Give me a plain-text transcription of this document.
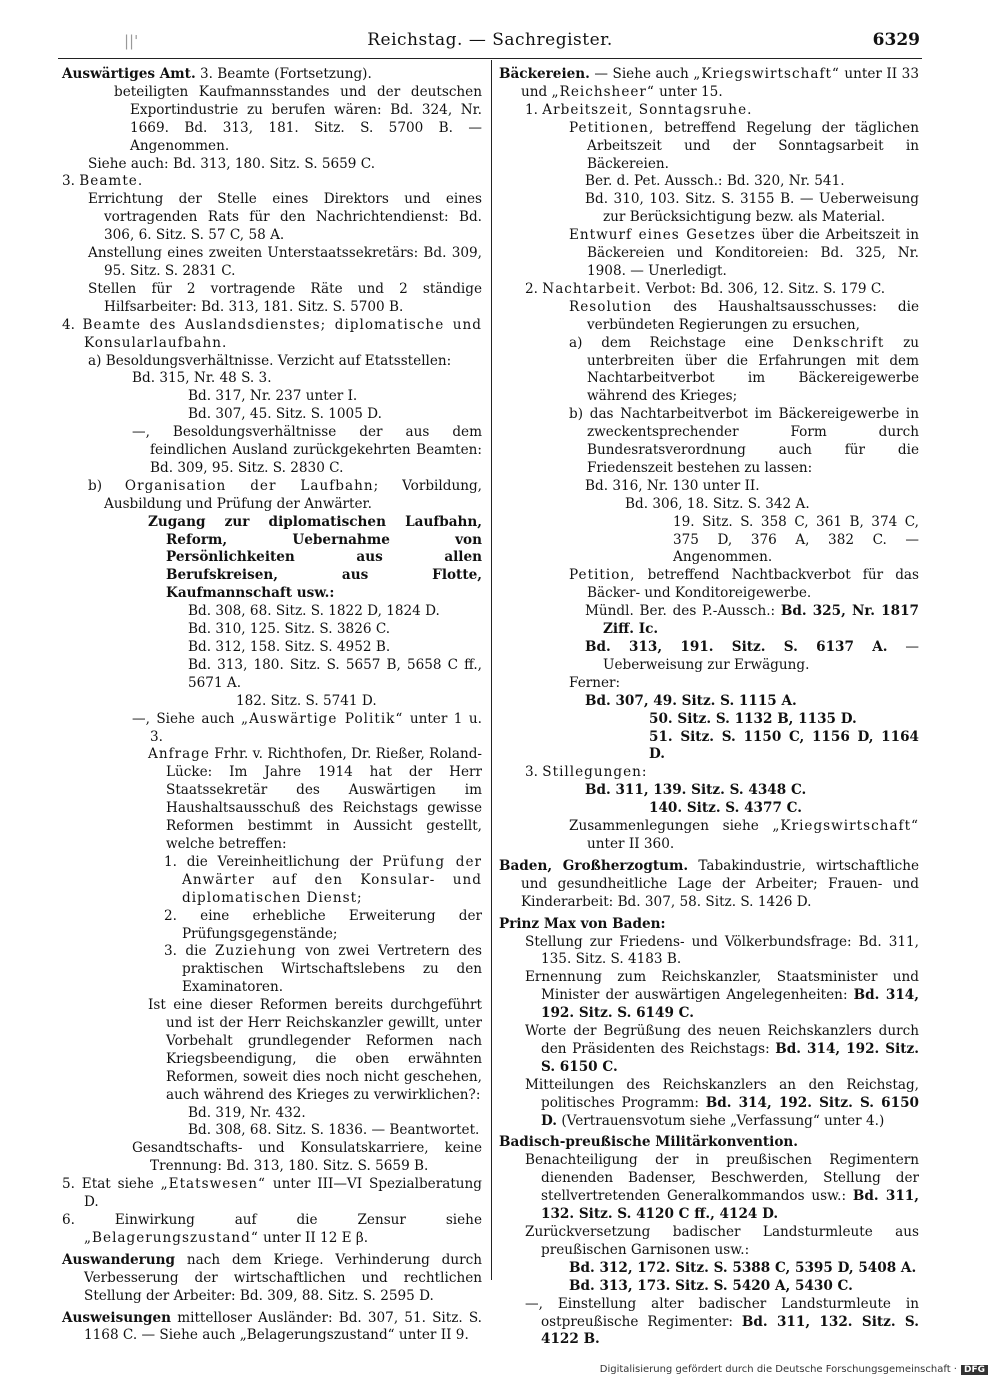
||'	Reichstag. — Sachregister.	6329

Auswärtiges Amt. 3. Beamte (Fortsetzung).

beteiligten Kaufmannsstandes und der deutschen Exportindustrie zu berufen wären: Bd. 324, Nr. 1669. Bd. 313, 181. Sitz. S. 5700 B. — Angenommen.

Siehe auch: Bd. 313, 180. Sitz. S. 5659 C.

3. Beamte.

Errichtung der Stelle eines Direktors und eines vortragenden Rats für den Nachrichtendienst: Bd. 306, 6. Sitz. S. 57 C, 58 A.

Anstellung eines zweiten Unterstaatssekretärs: Bd. 309, 95. Sitz. S. 2831 C.

Stellen für 2 vortragende Räte und 2 ständige Hilfsarbeiter: Bd. 313, 181. Sitz. S. 5700 B.

4. Beamte des Auslandsdienstes; diplomatische und Konsularlaufbahn.

a) Besoldungsverhältnisse. Verzicht auf Etatsstellen:

Bd. 315, Nr. 48 S. 3.

Bd. 317, Nr. 237 unter I.

Bd. 307, 45. Sitz. S. 1005 D.

—, Besoldungsverhältnisse der aus dem feindlichen Ausland zurückgekehrten Beamten: Bd. 309, 95. Sitz. S. 2830 C.

b) Organisation der Laufbahn; Vorbildung, Ausbildung und Prüfung der Anwärter.

Zugang zur diplomatischen Laufbahn, Reform, Uebernahme von Persönlichkeiten aus allen Berufskreisen, aus Flotte, Kaufmannschaft usw.:

Bd. 308, 68. Sitz. S. 1822 D, 1824 D.

Bd. 310, 125. Sitz. S. 3826 C.

Bd. 312, 158. Sitz. S. 4952 B.

Bd. 313, 180. Sitz. S. 5657 B, 5658 C ff., 5671 A.

182. Sitz. S. 5741 D.

—, Siehe auch „Auswärtige Politik“ unter 1 u. 3.

Anfrage Frhr. v. Richthofen, Dr. Rießer, Roland-Lücke: Im Jahre 1914 hat der Herr Staatssekretär des Auswärtigen im Haushaltsausschuß des Reichstags gewisse Reformen bestimmt in Aussicht gestellt, welche betreffen:

1. die Vereinheitlichung der Prüfung der Anwärter auf den Konsular- und diplomatischen Dienst;

2. eine erhebliche Erweiterung der Prüfungsgegenstände;

3. die Zuziehung von zwei Vertretern des praktischen Wirtschaftslebens zu den Examinatoren.

Ist eine dieser Reformen bereits durchgeführt und ist der Herr Reichskanzler gewillt, unter Vorbehalt grundlegender Reformen nach Kriegsbeendigung, die oben erwähnten Reformen, soweit dies noch nicht geschehen, auch während des Krieges zu verwirklichen?:

Bd. 319, Nr. 432.

Bd. 308, 68. Sitz. S. 1836. — Beantwortet.

Gesandtschafts- und Konsulatskarriere, keine Trennung: Bd. 313, 180. Sitz. S. 5659 B.

5. Etat siehe „Etatswesen“ unter III—VI Spezialberatung D.

6. Einwirkung auf die Zensur siehe „Belagerungszustand“ unter II 12 E β.

Auswanderung nach dem Kriege. Verhinderung durch Verbesserung der wirtschaftlichen und rechtlichen Stellung der Arbeiter: Bd. 309, 88. Sitz. S. 2595 D.

Ausweisungen mittelloser Ausländer: Bd. 307, 51. Sitz. S. 1168 C. — Siehe auch „Belagerungszustand“ unter II 9.

Bäckereien. — Siehe auch „Kriegswirtschaft“ unter II 33 und „Reichsheer“ unter 15.

1. Arbeitszeit, Sonntagsruhe.

Petitionen, betreffend Regelung der täglichen Arbeitszeit und der Sonntagsarbeit in Bäckereien.

Ber. d. Pet. Aussch.: Bd. 320, Nr. 541.

Bd. 310, 103. Sitz. S. 3155 B. — Ueberweisung zur Berücksichtigung bezw. als Material.

Entwurf eines Gesetzes über die Arbeitszeit in Bäckereien und Konditoreien: Bd. 325, Nr. 1908. — Unerledigt.

2. Nachtarbeit. Verbot: Bd. 306, 12. Sitz. S. 179 C.

Resolution des Haushaltsausschusses: die verbündeten Regierungen zu ersuchen,

a) dem Reichstage eine Denkschrift zu unterbreiten über die Erfahrungen mit dem Nachtarbeitverbot im Bäckereigewerbe während des Krieges;

b) das Nachtarbeitverbot im Bäckereigewerbe in zweckentsprechender Form durch Bundesratsverordnung auch für die Friedenszeit bestehen zu lassen:

Bd. 316, Nr. 130 unter II.

Bd. 306, 18. Sitz. S. 342 A.

19. Sitz. S. 358 C, 361 B, 374 C, 375 D, 376 A, 382 C. — Angenommen.

Petition, betreffend Nachtbackverbot für das Bäcker- und Konditoreigewerbe.

Mündl. Ber. des P.-Aussch.: Bd. 325, Nr. 1817 Ziff. Ic.

Bd. 313, 191. Sitz. S. 6137 A. — Ueberweisung zur Erwägung.

Ferner:

Bd. 307, 49. Sitz. S. 1115 A.

50. Sitz. S. 1132 B, 1135 D.

51. Sitz. S. 1150 C, 1156 D, 1164 D.

3. Stillegungen:

Bd. 311, 139. Sitz. S. 4348 C.

140. Sitz. S. 4377 C.

Zusammenlegungen siehe „Kriegswirtschaft“ unter II 360.

Baden, Großherzogtum. Tabakindustrie, wirtschaftliche und gesundheitliche Lage der Arbeiter; Frauen- und Kinderarbeit: Bd. 307, 58. Sitz. S. 1426 D.

Prinz Max von Baden:

Stellung zur Friedens- und Völkerbundsfrage: Bd. 311, 135. Sitz. S. 4183 B.

Ernennung zum Reichskanzler, Staatsminister und Minister der auswärtigen Angelegenheiten: Bd. 314, 192. Sitz. S. 6149 C.

Worte der Begrüßung des neuen Reichskanzlers durch den Präsidenten des Reichstags: Bd. 314, 192. Sitz. S. 6150 C.

Mitteilungen des Reichskanzlers an den Reichstag, politisches Programm: Bd. 314, 192. Sitz. S. 6150 D. (Vertrauensvotum siehe „Verfassung“ unter 4.)

Badisch-preußische Militärkonvention.

Benachteiligung der in preußischen Regimentern dienenden Badenser, Beschwerden, Stellung der stellvertretenden Generalkommandos usw.: Bd. 311, 132. Sitz. S. 4120 C ff., 4124 D.

Zurückversetzung badischer Landsturmleute aus preußischen Garnisonen usw.:

Bd. 312, 172. Sitz. S. 5388 C, 5395 D, 5408 A.

Bd. 313, 173. Sitz. S. 5420 A, 5430 C.

—, Einstellung alter badischer Landsturmleute in ostpreußische Regimenter: Bd. 311, 132. Sitz. S. 4122 B.

Digitalisierung gefördert durch die Deutsche Forschungsgemeinschaft · DFG
